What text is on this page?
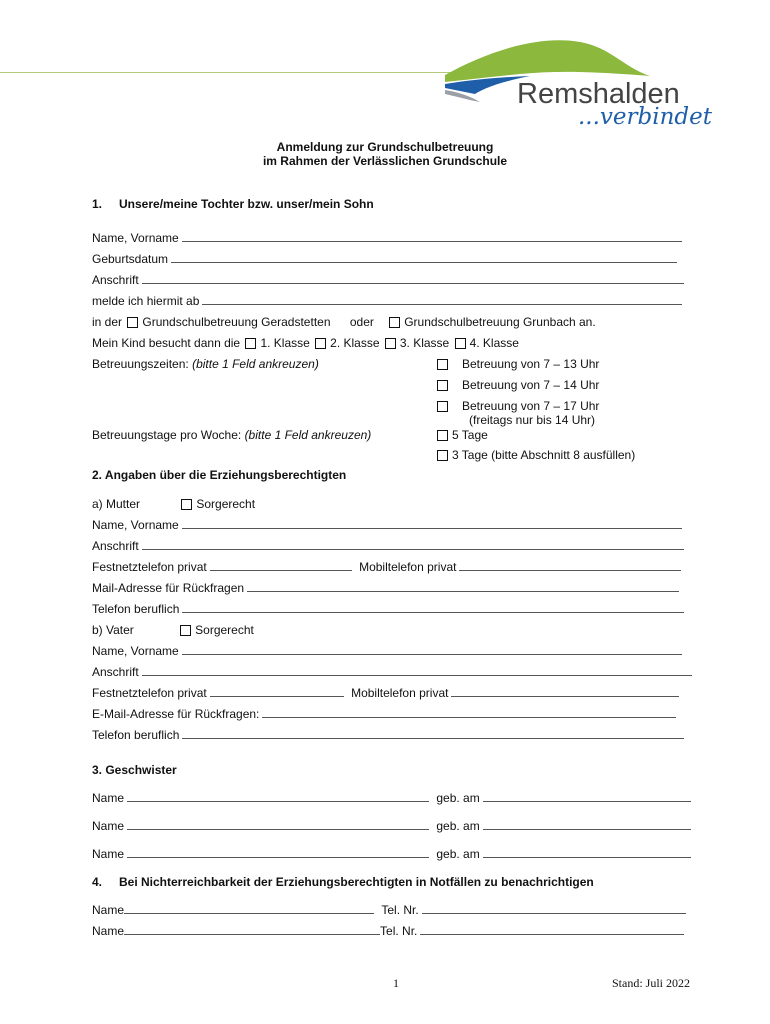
Remshalden
...verbindet
Anmeldung zur Grundschulbetreuung
im Rahmen der Verlässlichen Grundschule
1. Unsere/meine Tochter bzw. unser/mein Sohn
Name, Vorname
Geburtsdatum
Anschrift
melde ich hiermit ab
in der Grundschulbetreuung Geradstetten oder	Grundschulbetreuung Grunbach an.
Mein Kind besucht dann die 1. Klasse 2. Klasse 3. Klasse 4. Klasse
Betreuungszeiten: (bitte 1 Feld ankreuzen)	Betreuung von 7 – 13 Uhr
Betreuung von 7 – 14 Uhr
Betreuung von 7 – 17 Uhr
(freitags nur bis 14 Uhr)
Betreuungstage pro Woche: (bitte 1 Feld ankreuzen)	5 Tage
3 Tage (bitte Abschnitt 8 ausfüllen)
2. Angaben über die Erziehungsberechtigten
a) Mutter	Sorgerecht
Name, Vorname
Anschrift
Festnetztelefon privat	Mobiltelefon privat
Mail-Adresse für Rückfragen
Telefon beruflich
b) Vater	Sorgerecht
Name, Vorname
Anschrift
Festnetztelefon privat	Mobiltelefon privat
E-Mail-Adresse für Rückfragen:
Telefon beruflich
3. Geschwister
Name	geb. am
Name	geb. am
Name	geb. am
4. Bei Nichterreichbarkeit der Erziehungsberechtigten in Notfällen zu benachrichtigen
Name	Tel. Nr.
Name	Tel. Nr.
1	Stand: Juli 2022
